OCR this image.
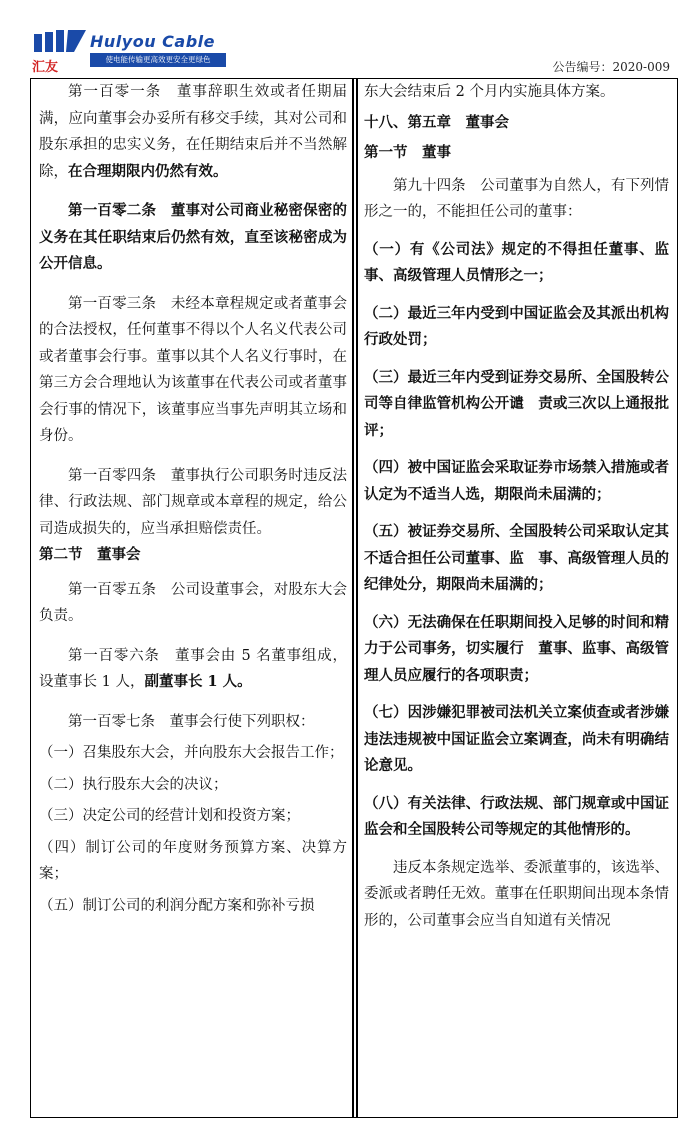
汇友
Hulyou Cable
使电能传输更高效更安全更绿色
公告编号：2020-009

第一百零一条　董事辞职生效或者任期届满，应向董事会办妥所有移交手续，其对公司和股东承担的忠实义务，在任期结束后并不当然解除，在合理期限内仍然有效。

第一百零二条　董事对公司商业秘密保密的义务在其任职结束后仍然有效，直至该秘密成为公开信息。

第一百零三条　未经本章程规定或者董事会的合法授权，任何董事不得以个人名义代表公司或者董事会行事。董事以其个人名义行事时，在第三方会合理地认为该董事在代表公司或者董事会行事的情况下，该董事应当事先声明其立场和身份。

第一百零四条　董事执行公司职务时违反法律、行政法规、部门规章或本章程的规定，给公司造成损失的，应当承担赔偿责任。

第二节　董事会

第一百零五条　公司设董事会，对股东大会负责。

第一百零六条　董事会由 5 名董事组成，设董事长 1 人，副董事长 1 人。

第一百零七条　董事会行使下列职权：

（一）召集股东大会，并向股东大会报告工作；

（二）执行股东大会的决议；

（三）决定公司的经营计划和投资方案；

（四）制订公司的年度财务预算方案、决算方案；

（五）制订公司的利润分配方案和弥补亏损

东大会结束后 2 个月内实施具体方案。

十八、第五章　董事会

第一节　董事

第九十四条　公司董事为自然人，有下列情形之一的，不能担任公司的董事：

（一）有《公司法》规定的不得担任董事、监事、高级管理人员情形之一；

（二）最近三年内受到中国证监会及其派出机构行政处罚；

（三）最近三年内受到证券交易所、全国股转公司等自律监管机构公开谴　责或三次以上通报批评；

（四）被中国证监会采取证券市场禁入措施或者认定为不适当人选，期限尚未届满的；

（五）被证券交易所、全国股转公司采取认定其不适合担任公司董事、监　事、高级管理人员的纪律处分，期限尚未届满的；

（六）无法确保在任职期间投入足够的时间和精力于公司事务，切实履行　董事、监事、高级管理人员应履行的各项职责；

（七）因涉嫌犯罪被司法机关立案侦查或者涉嫌违法违规被中国证监会立案调查，尚未有明确结论意见。

（八）有关法律、行政法规、部门规章或中国证监会和全国股转公司等规定的其他情形的。

违反本条规定选举、委派董事的，该选举、委派或者聘任无效。董事在任职期间出现本条情形的，公司董事会应当自知道有关情况
